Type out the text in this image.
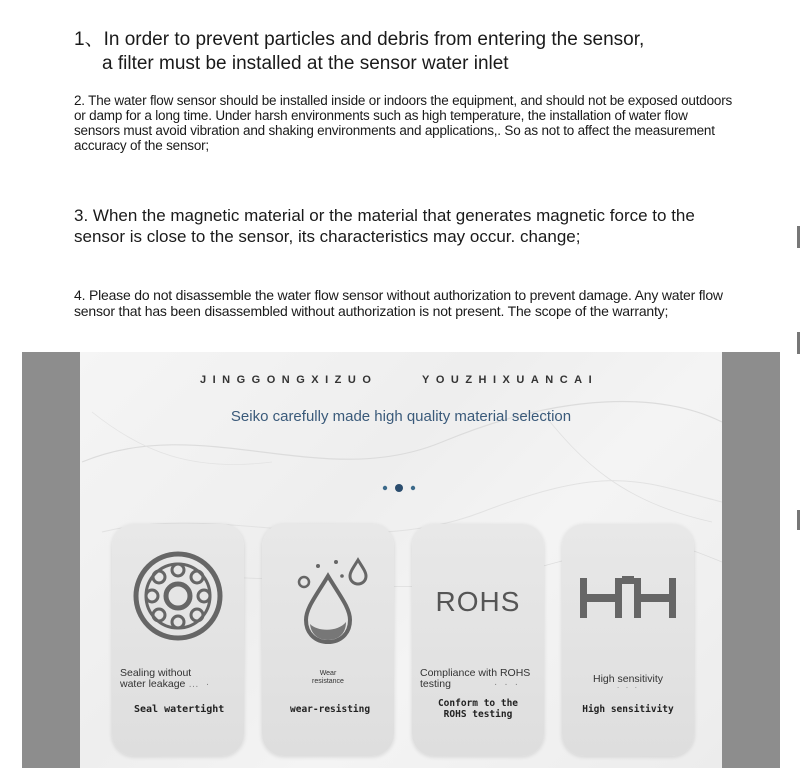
1、In order to prevent particles and debris from entering the sensor,
a filter must be installed at the sensor water inlet
2. The water flow sensor should be installed inside or indoors the equipment, and should not be exposed outdoors or damp for a long time. Under harsh environments such as high temperature, the installation of water flow sensors must avoid vibration and shaking environments and applications,. So as not to affect the measurement accuracy of the sensor;
3. When the magnetic material or the material that generates magnetic force to the sensor is close to the sensor, its characteristics may occur. change;
4. Please do not disassemble the water flow sensor without authorization to prevent damage. Any water flow sensor that has been disassembled without authorization is not present. The scope of the warranty;
JINGGONGXIZUO	YOUZHIXUANCAI
Seiko carefully made high quality material selection
Sealing without
water leakage … ·
Seal watertight
Wear
resistance
wear-resisting
ROHS
Compliance with ROHS
testing	· · ·
Conform to the
ROHS testing
High sensitivity
· · ·
High sensitivity
